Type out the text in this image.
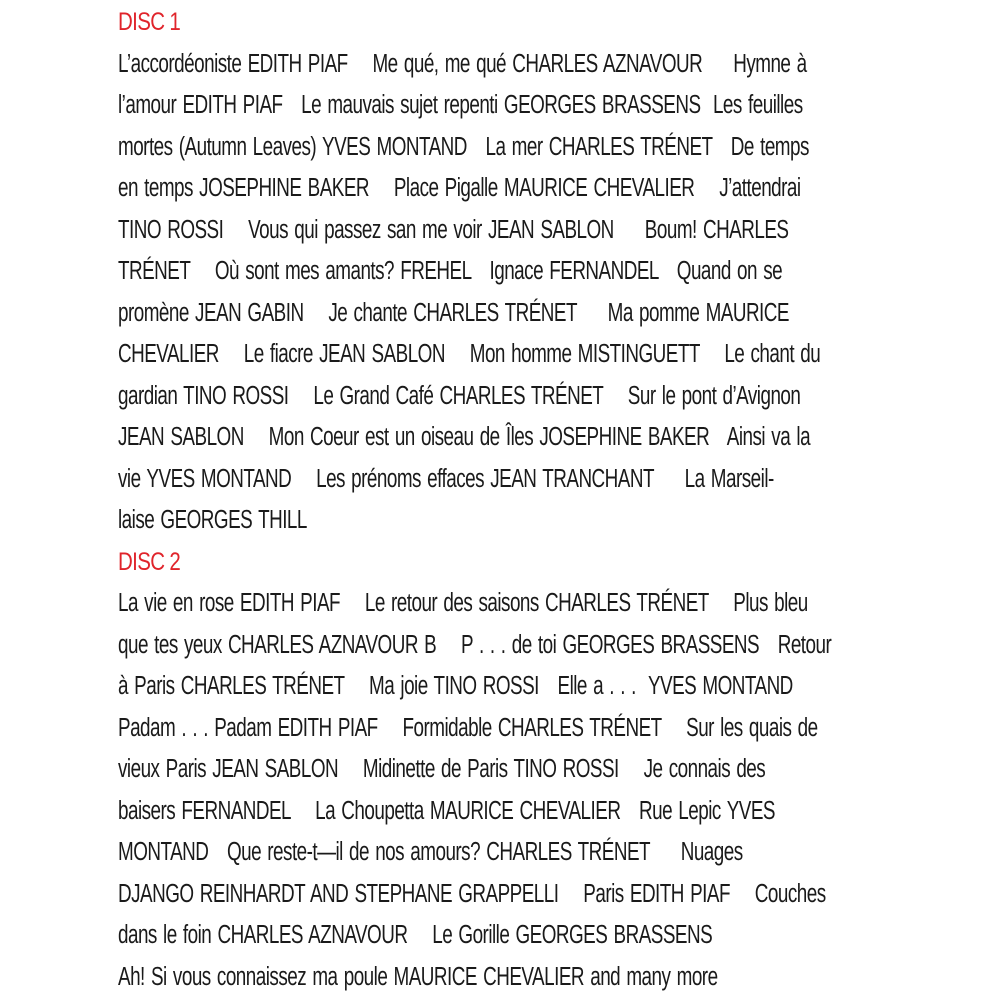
DISC 1
L’accordéoniste EDITH PIAF    Me qué, me qué CHARLES AZNAVOUR     Hymne à
l’amour EDITH PIAF   Le mauvais sujet repenti GEORGES BRASSENS  Les feuilles
mortes (Autumn Leaves) YVES MONTAND   La mer CHARLES TRÉNET   De temps
en temps JOSEPHINE BAKER    Place Pigalle MAURICE CHEVALIER    J’attendrai
TINO ROSSI    Vous qui passez san me voir JEAN SABLON     Boum! CHARLES
TRÉNET    Où sont mes amants? FREHEL   Ignace FERNANDEL   Quand on se
promène JEAN GABIN    Je chante CHARLES TRÉNET     Ma pomme MAURICE
CHEVALIER    Le fiacre JEAN SABLON    Mon homme MISTINGUETT    Le chant du
gardian TINO ROSSI    Le Grand Café CHARLES TRÉNET    Sur le pont d’Avignon
JEAN SABLON    Mon Coeur est un oiseau de Îles JOSEPHINE BAKER   Ainsi va la
vie YVES MONTAND    Les prénoms effaces JEAN TRANCHANT     La Marseil-
laise GEORGES THILL
DISC 2
La vie en rose EDITH PIAF    Le retour des saisons CHARLES TRÉNET    Plus bleu
que tes yeux CHARLES AZNAVOUR B    P . . . de toi GEORGES BRASSENS   Retour
à Paris CHARLES TRÉNET    Ma joie TINO ROSSI   Elle a . . .  YVES MONTAND
Padam . . . Padam EDITH PIAF    Formidable CHARLES TRÉNET    Sur les quais de
vieux Paris JEAN SABLON    Midinette de Paris TINO ROSSI    Je connais des
baisers FERNANDEL    La Choupetta MAURICE CHEVALIER   Rue Lepic YVES
MONTAND   Que reste-t—il de nos amours? CHARLES TRÉNET     Nuages
DJANGO REINHARDT AND STEPHANE GRAPPELLI    Paris EDITH PIAF    Couches
dans le foin CHARLES AZNAVOUR    Le Gorille GEORGES BRASSENS
Ah! Si vous connaissez ma poule MAURICE CHEVALIER and many more
